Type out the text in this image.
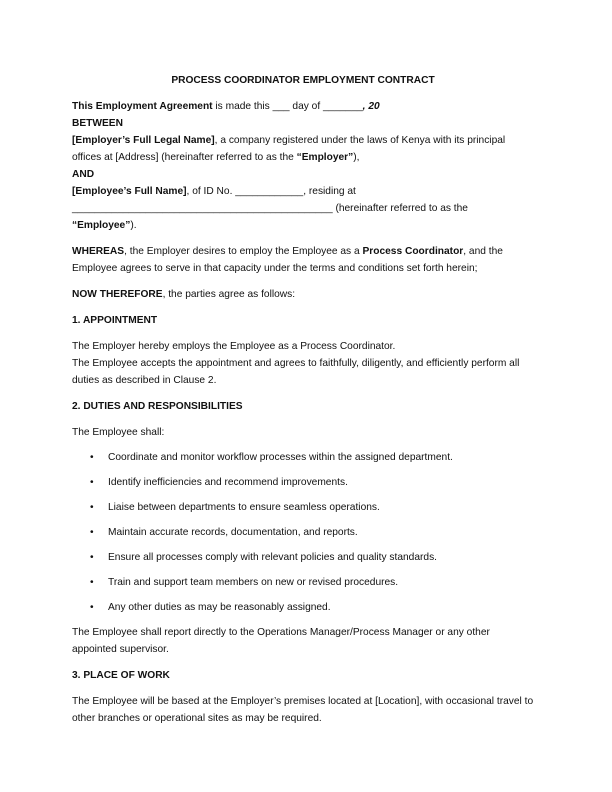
PROCESS COORDINATOR EMPLOYMENT CONTRACT

This Employment Agreement is made this ___ day of _______, 20

BETWEEN

[Employer’s Full Legal Name], a company registered under the laws of Kenya with its principal offices at [Address] (hereinafter referred to as the “Employer”),

AND

[Employee’s Full Name], of ID No. ____________, residing at ______________________________________________ (hereinafter referred to as the “Employee”).

WHEREAS, the Employer desires to employ the Employee as a Process Coordinator, and the Employee agrees to serve in that capacity under the terms and conditions set forth herein;

NOW THEREFORE, the parties agree as follows:

1. APPOINTMENT

The Employer hereby employs the Employee as a Process Coordinator.

The Employee accepts the appointment and agrees to faithfully, diligently, and efficiently perform all duties as described in Clause 2.

2. DUTIES AND RESPONSIBILITIES

The Employee shall:

• Coordinate and monitor workflow processes within the assigned department.
• Identify inefficiencies and recommend improvements.
• Liaise between departments to ensure seamless operations.
• Maintain accurate records, documentation, and reports.
• Ensure all processes comply with relevant policies and quality standards.
• Train and support team members on new or revised procedures.
• Any other duties as may be reasonably assigned.

The Employee shall report directly to the Operations Manager/Process Manager or any other appointed supervisor.

3. PLACE OF WORK

The Employee will be based at the Employer’s premises located at [Location], with occasional travel to other branches or operational sites as may be required.
